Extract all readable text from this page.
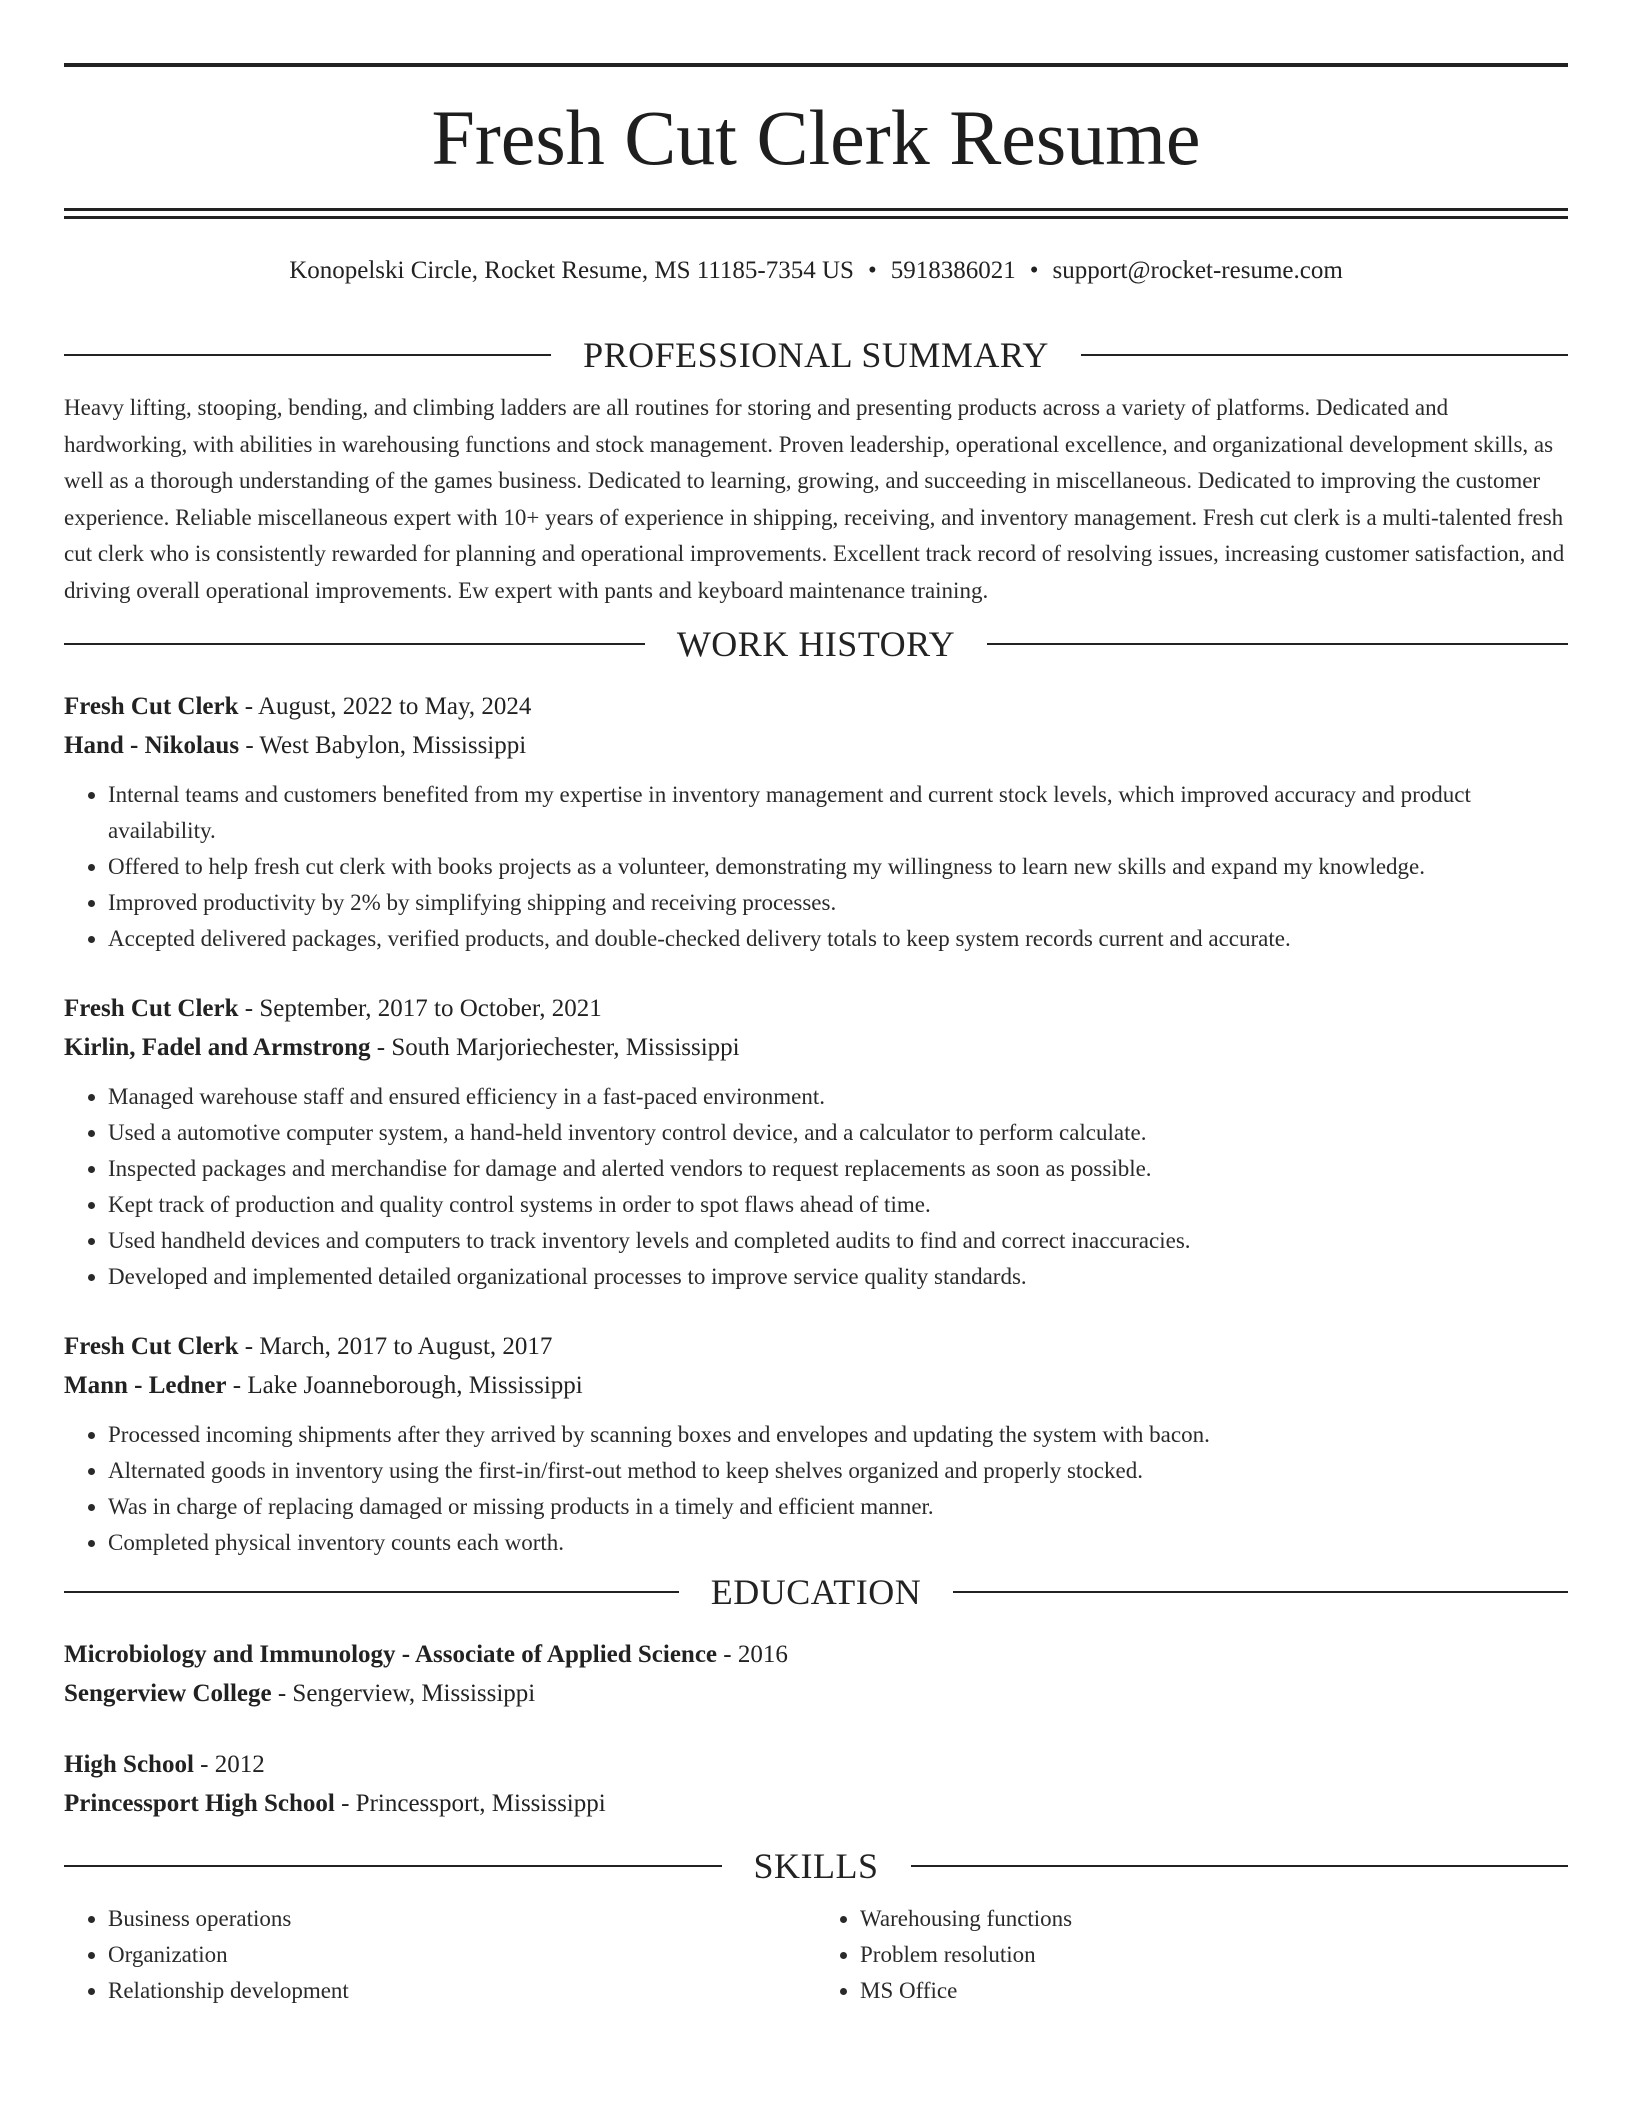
Fresh Cut Clerk Resume
Konopelski Circle, Rocket Resume, MS 11185-7354 US • 5918386021 • support@rocket-resume.com
PROFESSIONAL SUMMARY

Heavy lifting, stooping, bending, and climbing ladders are all routines for storing and presenting products across a variety of platforms. Dedicated and hardworking, with abilities in warehousing functions and stock management. Proven leadership, operational excellence, and organizational development skills, as well as a thorough understanding of the games business. Dedicated to learning, growing, and succeeding in miscellaneous. Dedicated to improving the customer experience. Reliable miscellaneous expert with 10+ years of experience in shipping, receiving, and inventory management. Fresh cut clerk is a multi-talented fresh cut clerk who is consistently rewarded for planning and operational improvements. Excellent track record of resolving issues, increasing customer satisfaction, and driving overall operational improvements. Ew expert with pants and keyboard maintenance training.

WORK HISTORY
Fresh Cut Clerk - August, 2022 to May, 2024
Hand - Nikolaus - West Babylon, Mississippi
• Internal teams and customers benefited from my expertise in inventory management and current stock levels, which improved accuracy and product availability.
• Offered to help fresh cut clerk with books projects as a volunteer, demonstrating my willingness to learn new skills and expand my knowledge.
• Improved productivity by 2% by simplifying shipping and receiving processes.
• Accepted delivered packages, verified products, and double-checked delivery totals to keep system records current and accurate.
Fresh Cut Clerk - September, 2017 to October, 2021
Kirlin, Fadel and Armstrong - South Marjoriechester, Mississippi
• Managed warehouse staff and ensured efficiency in a fast-paced environment.
• Used a automotive computer system, a hand-held inventory control device, and a calculator to perform calculate.
• Inspected packages and merchandise for damage and alerted vendors to request replacements as soon as possible.
• Kept track of production and quality control systems in order to spot flaws ahead of time.
• Used handheld devices and computers to track inventory levels and completed audits to find and correct inaccuracies.
• Developed and implemented detailed organizational processes to improve service quality standards.
Fresh Cut Clerk - March, 2017 to August, 2017
Mann - Ledner - Lake Joanneborough, Mississippi
• Processed incoming shipments after they arrived by scanning boxes and envelopes and updating the system with bacon.
• Alternated goods in inventory using the first-in/first-out method to keep shelves organized and properly stocked.
• Was in charge of replacing damaged or missing products in a timely and efficient manner.
• Completed physical inventory counts each worth.
EDUCATION
Microbiology and Immunology - Associate of Applied Science - 2016
Sengerview College - Sengerview, Mississippi
High School - 2012
Princessport High School - Princessport, Mississippi
SKILLS
• Business operations
• Organization
• Relationship development
• Warehousing functions
• Problem resolution
• MS Office
